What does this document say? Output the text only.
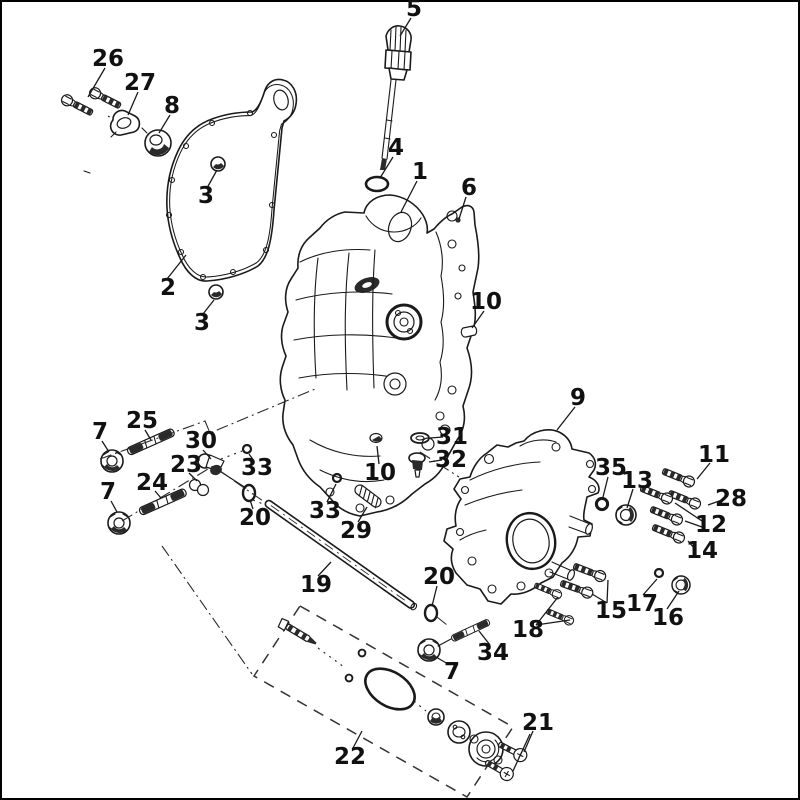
1
2
3
3
4
5
6
7
7
7
8
9
10
10
11
12
13
14
15 16
17
18
19
20
20
21
22
23
24
25
26
27
28
29
30	31
32
33
33
34
35
